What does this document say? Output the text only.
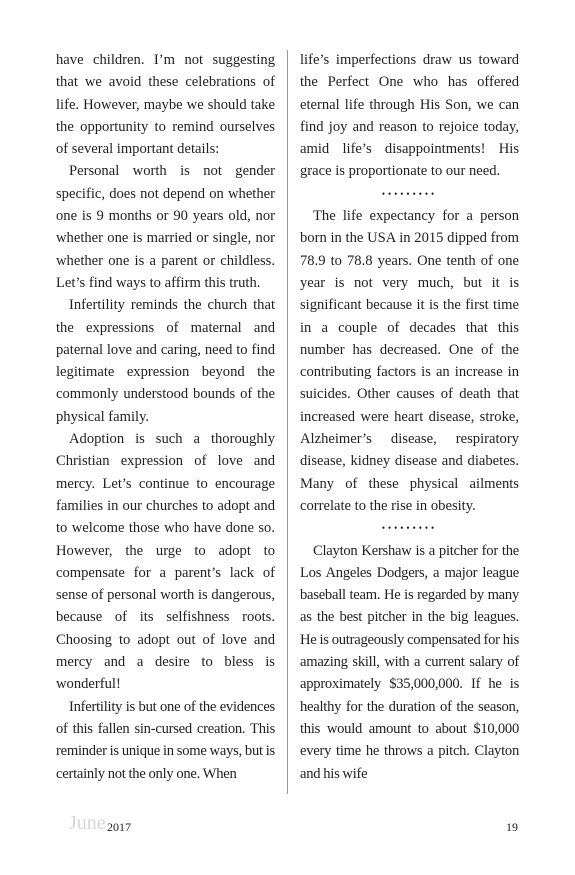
have children. I’m not suggesting that we avoid these celebrations of life. However, maybe we should take the opportunity to remind ourselves of several important details:

Personal worth is not gender specific, does not depend on whether one is 9 months or 90 years old, nor whether one is married or single, nor whether one is a parent or childless. Let’s find ways to affirm this truth.

Infertility reminds the church that the expressions of maternal and paternal love and caring, need to find legitimate expression beyond the commonly understood bounds of the physical family.

Adoption is such a thoroughly Christian expression of love and mercy. Let’s continue to encourage families in our churches to adopt and to welcome those who have done so. However, the urge to adopt to compensate for a parent’s lack of sense of personal worth is dangerous, because of its selfishness roots. Choosing to adopt out of love and mercy and a desire to bless is wonderful!

Infertility is but one of the evidences of this fallen sin-cursed creation. This reminder is unique in some ways, but is certainly not the only one. When

life’s imperfections draw us toward the Perfect One who has offered eternal life through His Son, we can find joy and reason to rejoice today, amid life’s disappointments! His grace is proportionate to our need.

•••••••••

The life expectancy for a person born in the USA in 2015 dipped from 78.9 to 78.8 years. One tenth of one year is not very much, but it is significant because it is the first time in a couple of decades that this number has decreased. One of the contributing factors is an increase in suicides. Other causes of death that increased were heart disease, stroke, Alzheimer’s disease, respiratory disease, kidney disease and diabetes. Many of these physical ailments correlate to the rise in obesity.

•••••••••

Clayton Kershaw is a pitcher for the Los Angeles Dodgers, a major league baseball team. He is regarded by many as the best pitcher in the big leagues. He is outrageously compensated for his amazing skill, with a current salary of approximately $35,000,000. If he is healthy for the duration of the season, this would amount to about $10,000 every time he throws a pitch. Clayton and his wife

June 2017	19
